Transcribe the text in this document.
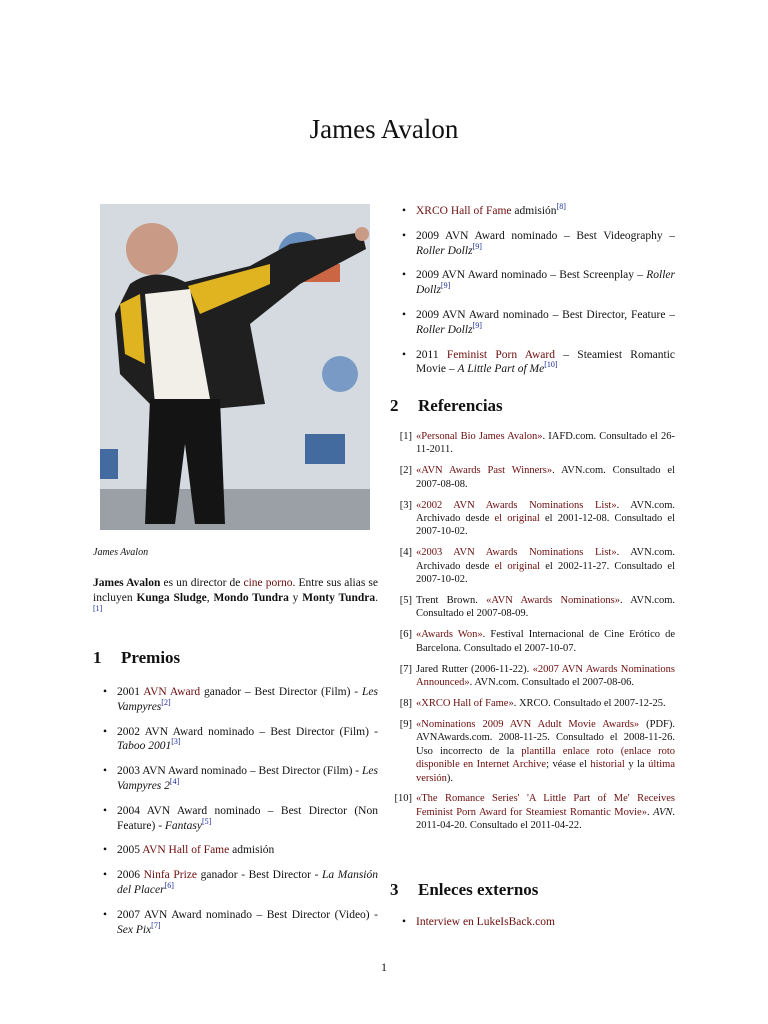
James Avalon
James Avalon
James Avalon es un director de cine porno. Entre sus alias se incluyen Kunga Sludge, Mondo Tundra y Monty Tundra.[1]
1 Premios
• 2001 AVN Award ganador – Best Director (Film) - Les Vampyres[2]
• 2002 AVN Award nominado – Best Director (Film) - Taboo 2001[3]
• 2003 AVN Award nominado – Best Director (Film) - Les Vampyres 2[4]
• 2004 AVN Award nominado – Best Director (Non Feature) - Fantasy[5]
• 2005 AVN Hall of Fame admisión
• 2006 Ninfa Prize ganador - Best Director - La Mansión del Placer[6]
• 2007 AVN Award nominado – Best Director (Video) - Sex Pix[7]
• XRCO Hall of Fame admisión[8]
• 2009 AVN Award nominado – Best Videography – Roller Dollz[9]
• 2009 AVN Award nominado – Best Screenplay – Roller Dollz[9]
• 2009 AVN Award nominado – Best Director, Feature – Roller Dollz[9]
• 2011 Feminist Porn Award – Steamiest Romantic Movie – A Little Part of Me[10]
2 Referencias
[1] «Personal Bio James Avalon». IAFD.com. Consultado el 26-11-2011.
[2] «AVN Awards Past Winners». AVN.com. Consultado el 2007-08-08.
[3] «2002 AVN Awards Nominations List». AVN.com. Archivado desde el original el 2001-12-08. Consultado el 2007-10-02.
[4] «2003 AVN Awards Nominations List». AVN.com. Archivado desde el original el 2002-11-27. Consultado el 2007-10-02.
[5] Trent Brown. «AVN Awards Nominations». AVN.com. Consultado el 2007-08-09.
[6] «Awards Won». Festival Internacional de Cine Erótico de Barcelona. Consultado el 2007-10-07.
[7] Jared Rutter (2006-11-22). «2007 AVN Awards Nominations Announced». AVN.com. Consultado el 2007-08-06.
[8] «XRCO Hall of Fame». XRCO. Consultado el 2007-12-25.
[9] «Nominations 2009 AVN Adult Movie Awards» (PDF). AVNAwards.com. 2008-11-25. Consultado el 2008-11-26. Uso incorrecto de la plantilla enlace roto (enlace roto disponible en Internet Archive; véase el historial y la última versión).
[10] «The Romance Series' 'A Little Part of Me' Receives Feminist Porn Award for Steamiest Romantic Movie». AVN. 2011-04-20. Consultado el 2011-04-22.
3 Enleces externos
• Interview en LukeIsBack.com
1
